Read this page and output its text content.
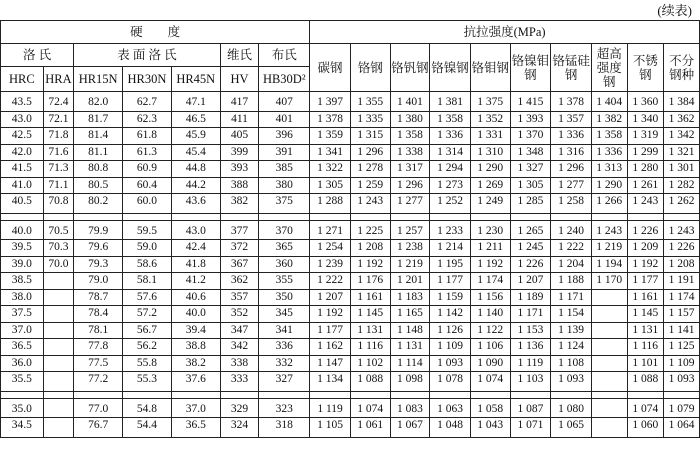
(续表)
硬　　度							抗拉强度(MPa)									
洛 氏		表 面 洛 氏			维氏	布氏	碳钢	铬钢	铬钒钢	铬镍钢	铬钼钢	铬镍钼钢	铬锰硅钢	超高强度钢	不锈钢	不分钢种
HRC	HRA	HR15N	HR30N	HR45N	HV	HB30D²										
43.5	72.4	82.0	62.7	47.1	417	407	1 397	1 355	1 401	1 381	1 375	1 415	1 378	1 404	1 360	1 384
43.0	72.1	81.7	62.3	46.5	411	401	1 378	1 335	1 380	1 358	1 352	1 393	1 357	1 382	1 340	1 362
42.5	71.8	81.4	61.8	45.9	405	396	1 359	1 315	1 358	1 336	1 331	1 370	1 336	1 358	1 319	1 342
42.0	71.6	81.1	61.3	45.4	399	391	1 341	1 296	1 338	1 314	1 310	1 348	1 316	1 336	1 299	1 321
41.5	71.3	80.8	60.9	44.8	393	385	1 322	1 278	1 317	1 294	1 290	1 327	1 296	1 313	1 280	1 301
41.0	71.1	80.5	60.4	44.2	388	380	1 305	1 259	1 296	1 273	1 269	1 305	1 277	1 290	1 261	1 282
40.5	70.8	80.2	60.0	43.6	382	375	1 288	1 243	1 277	1 252	1 249	1 285	1 258	1 266	1 243	1 262

40.0	70.5	79.9	59.5	43.0	377	370	1 271	1 225	1 257	1 233	1 230	1 265	1 240	1 243	1 226	1 243
39.5	70.3	79.6	59.0	42.4	372	365	1 254	1 208	1 238	1 214	1 211	1 245	1 222	1 219	1 209	1 226
39.0	70.0	79.3	58.6	41.8	367	360	1 239	1 192	1 219	1 195	1 192	1 226	1 204	1 194	1 192	1 208
38.5		79.0	58.1	41.2	362	355	1 222	1 176	1 201	1 177	1 174	1 207	1 188	1 170	1 177	1 191
38.0		78.7	57.6	40.6	357	350	1 207	1 161	1 183	1 159	1 156	1 189	1 171		1 161	1 174
37.5		78.4	57.2	40.0	352	345	1 192	1 145	1 165	1 142	1 140	1 171	1 154		1 145	1 157
37.0		78.1	56.7	39.4	347	341	1 177	1 131	1 148	1 126	1 122	1 153	1 139		1 131	1 141
36.5		77.8	56.2	38.8	342	336	1 162	1 116	1 131	1 109	1 106	1 136	1 124		1 116	1 125
36.0		77.5	55.8	38.2	338	332	1 147	1 102	1 114	1 093	1 090	1 119	1 108		1 101	1 109
35.5		77.2	55.3	37.6	333	327	1 134	1 088	1 098	1 078	1 074	1 103	1 093		1 088	1 093

35.0		77.0	54.8	37.0	329	323	1 119	1 074	1 083	1 063	1 058	1 087	1 080		1 074	1 079
34.5		76.7	54.4	36.5	324	318	1 105	1 061	1 067	1 048	1 043	1 071	1 065		1 060	1 064
